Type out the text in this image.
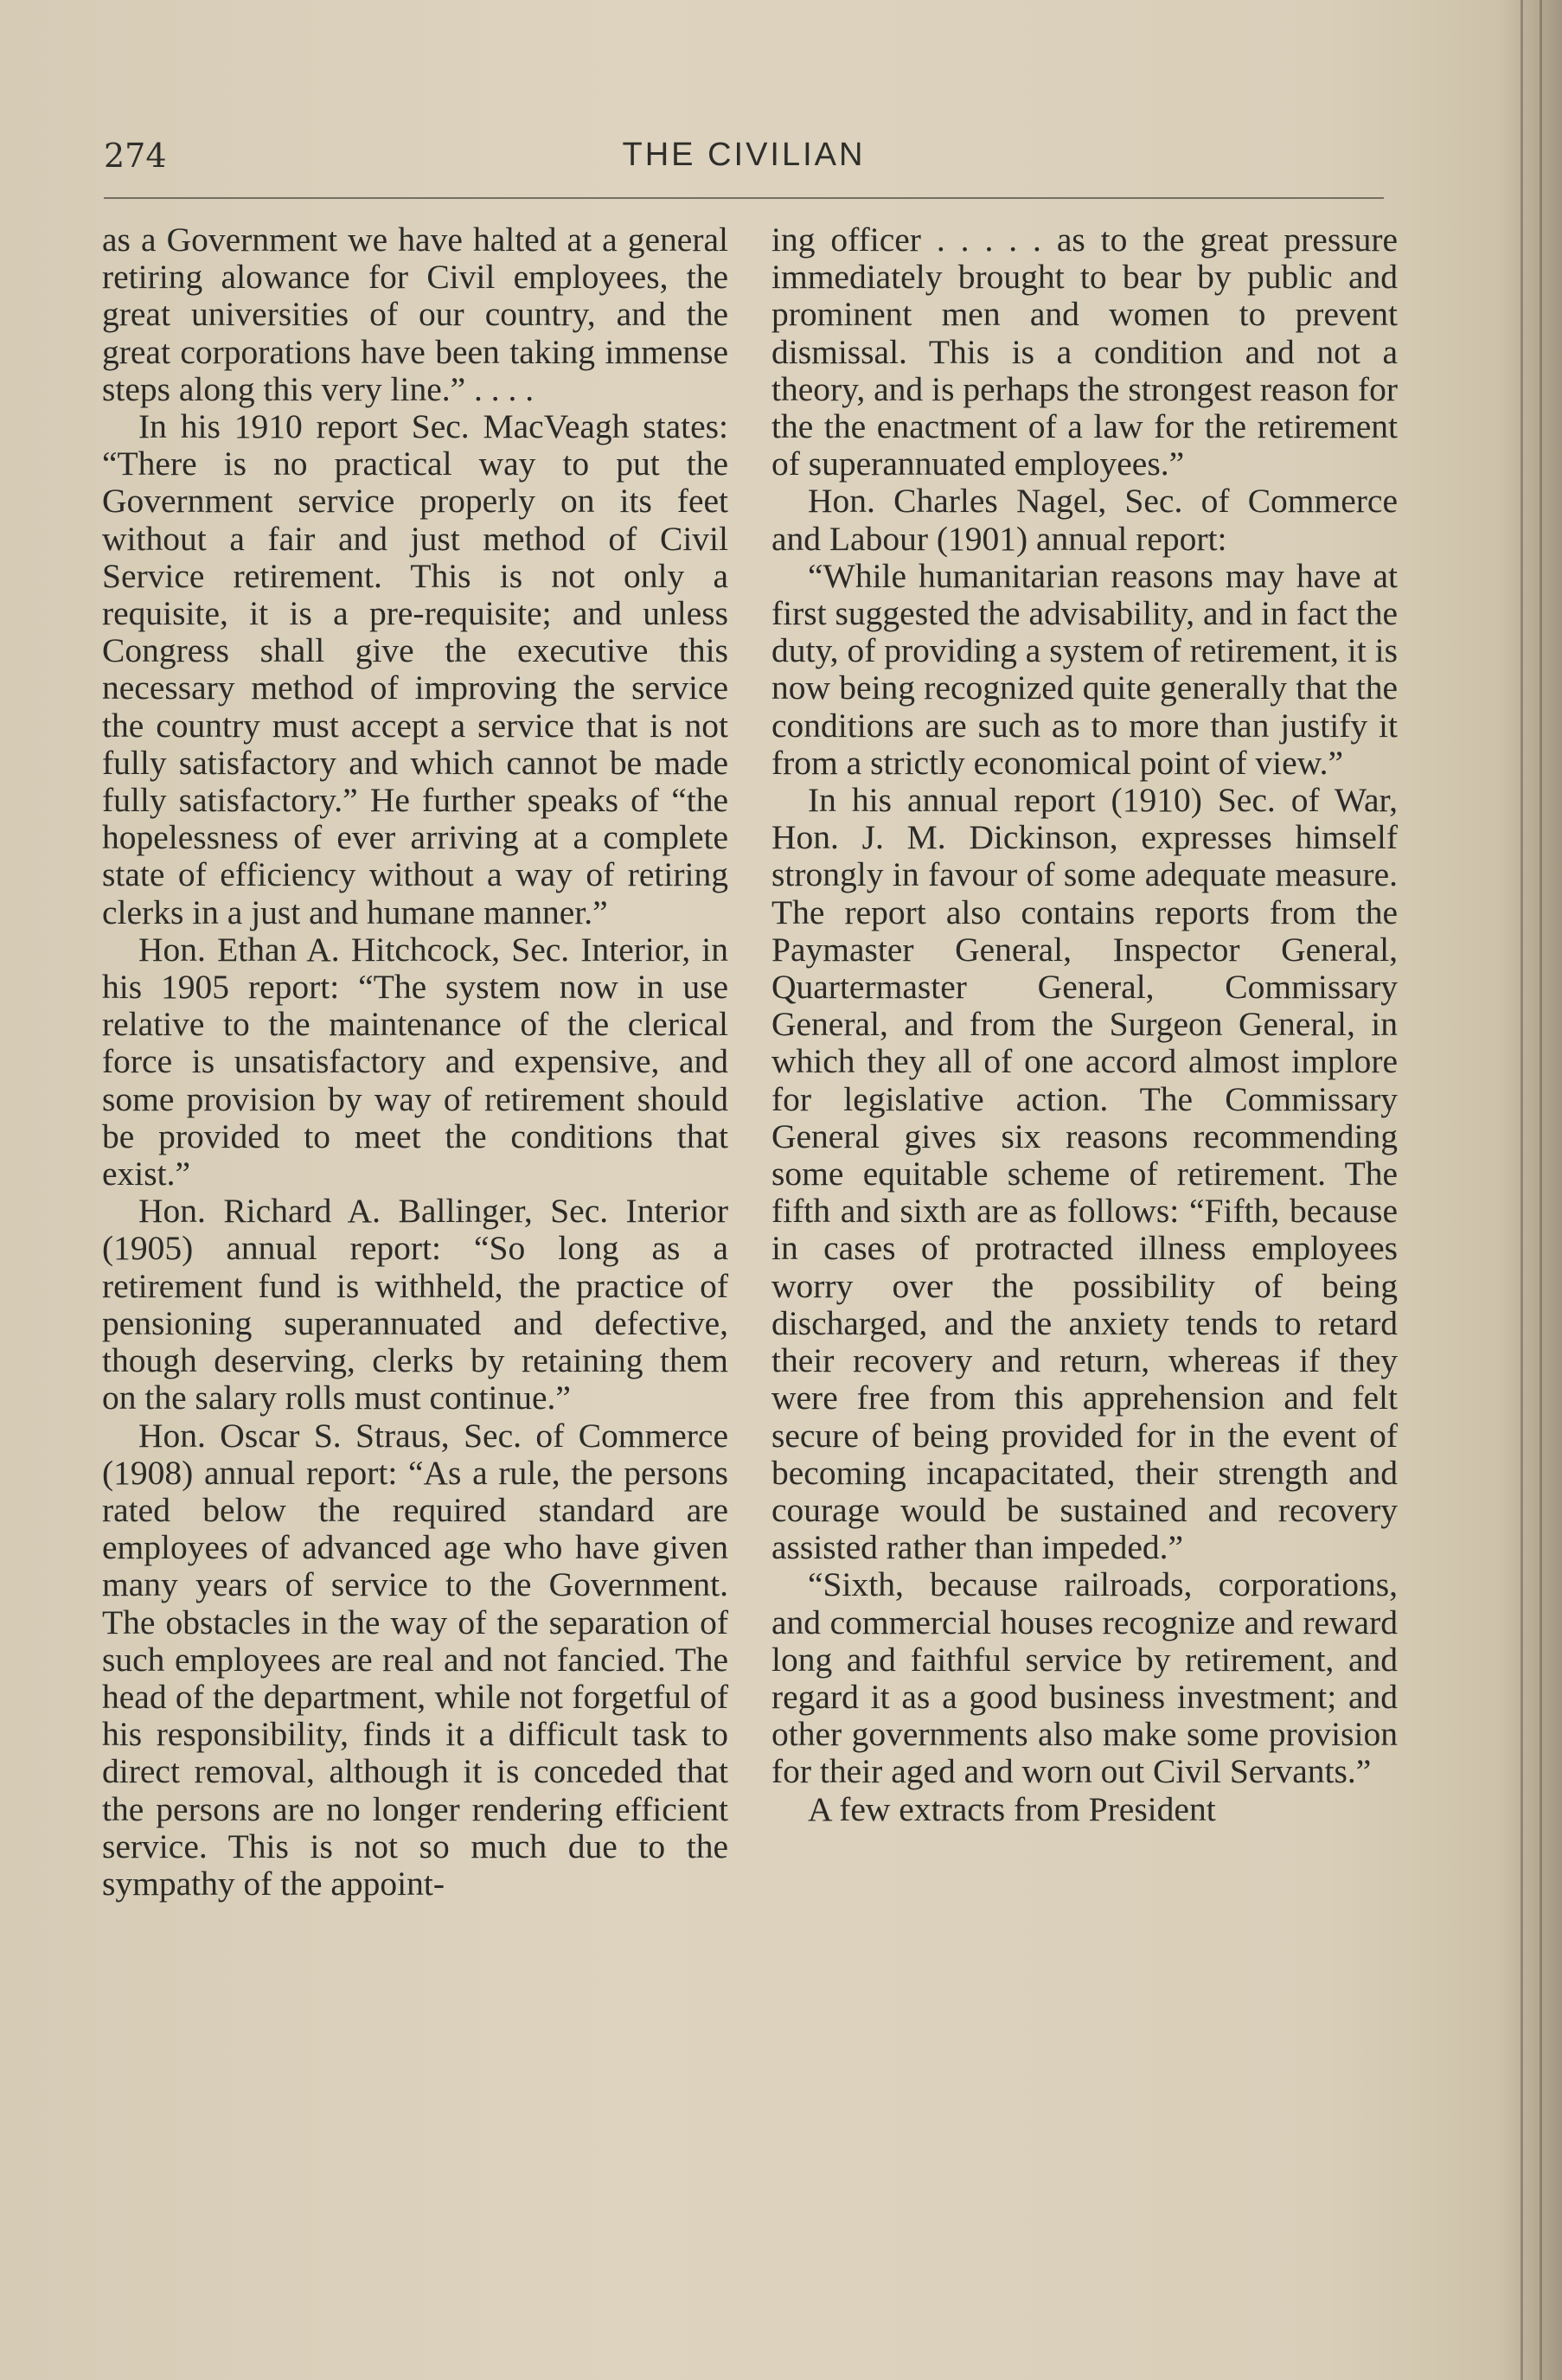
274	THE CIVILIAN

as a Government we have halted at a general retiring alowance for Civil employees, the great universities of our country, and the great corporations have been taking immense steps along this very line.” . . . .

In his 1910 report Sec. MacVeagh states: “There is no practical way to put the Government service properly on its feet without a fair and just method of Civil Service retirement. This is not only a requisite, it is a pre-requisite; and unless Congress shall give the executive this necessary method of improving the service the country must accept a service that is not fully satisfactory and which cannot be made fully satisfactory.” He further speaks of “the hopelessness of ever arriving at a complete state of efficiency without a way of retiring clerks in a just and humane manner.”

Hon. Ethan A. Hitchcock, Sec. Interior, in his 1905 report: “The system now in use relative to the maintenance of the clerical force is unsatisfactory and expensive, and some provision by way of retirement should be provided to meet the conditions that exist.”

Hon. Richard A. Ballinger, Sec. Interior (1905) annual report: “So long as a retirement fund is withheld, the practice of pensioning superannuated and defective, though deserving, clerks by retaining them on the salary rolls must continue.”

Hon. Oscar S. Straus, Sec. of Commerce (1908) annual report: “As a rule, the persons rated below the required standard are employees of advanced age who have given many years of service to the Government. The obstacles in the way of the separation of such employees are real and not fancied. The head of the department, while not forgetful of his responsibility, finds it a difficult task to direct removal, although it is conceded that the persons are no longer rendering efficient service. This is not so much due to the sympathy of the appoint-

ing officer . . . . . as to the great pressure immediately brought to bear by public and prominent men and women to prevent dismissal. This is a condition and not a theory, and is perhaps the strongest reason for the the enactment of a law for the retirement of superannuated employees.”

Hon. Charles Nagel, Sec. of Commerce and Labour (1901) annual report:

“While humanitarian reasons may have at first suggested the advisability, and in fact the duty, of providing a system of retirement, it is now being recognized quite generally that the conditions are such as to more than justify it from a strictly economical point of view.”

In his annual report (1910) Sec. of War, Hon. J. M. Dickinson, expresses himself strongly in favour of some adequate measure. The report also contains reports from the Paymaster General, Inspector General, Quartermaster General, Commissary General, and from the Surgeon General, in which they all of one accord almost implore for legislative action. The Commissary General gives six reasons recommending some equitable scheme of retirement. The fifth and sixth are as follows: “Fifth, because in cases of protracted illness employees worry over the possibility of being discharged, and the anxiety tends to retard their recovery and return, whereas if they were free from this apprehension and felt secure of being provided for in the event of becoming incapacitated, their strength and courage would be sustained and recovery assisted rather than impeded.”

“Sixth, because railroads, corporations, and commercial houses recognize and reward long and faithful service by retirement, and regard it as a good business investment; and other governments also make some provision for their aged and worn out Civil Servants.”

A few extracts from President
